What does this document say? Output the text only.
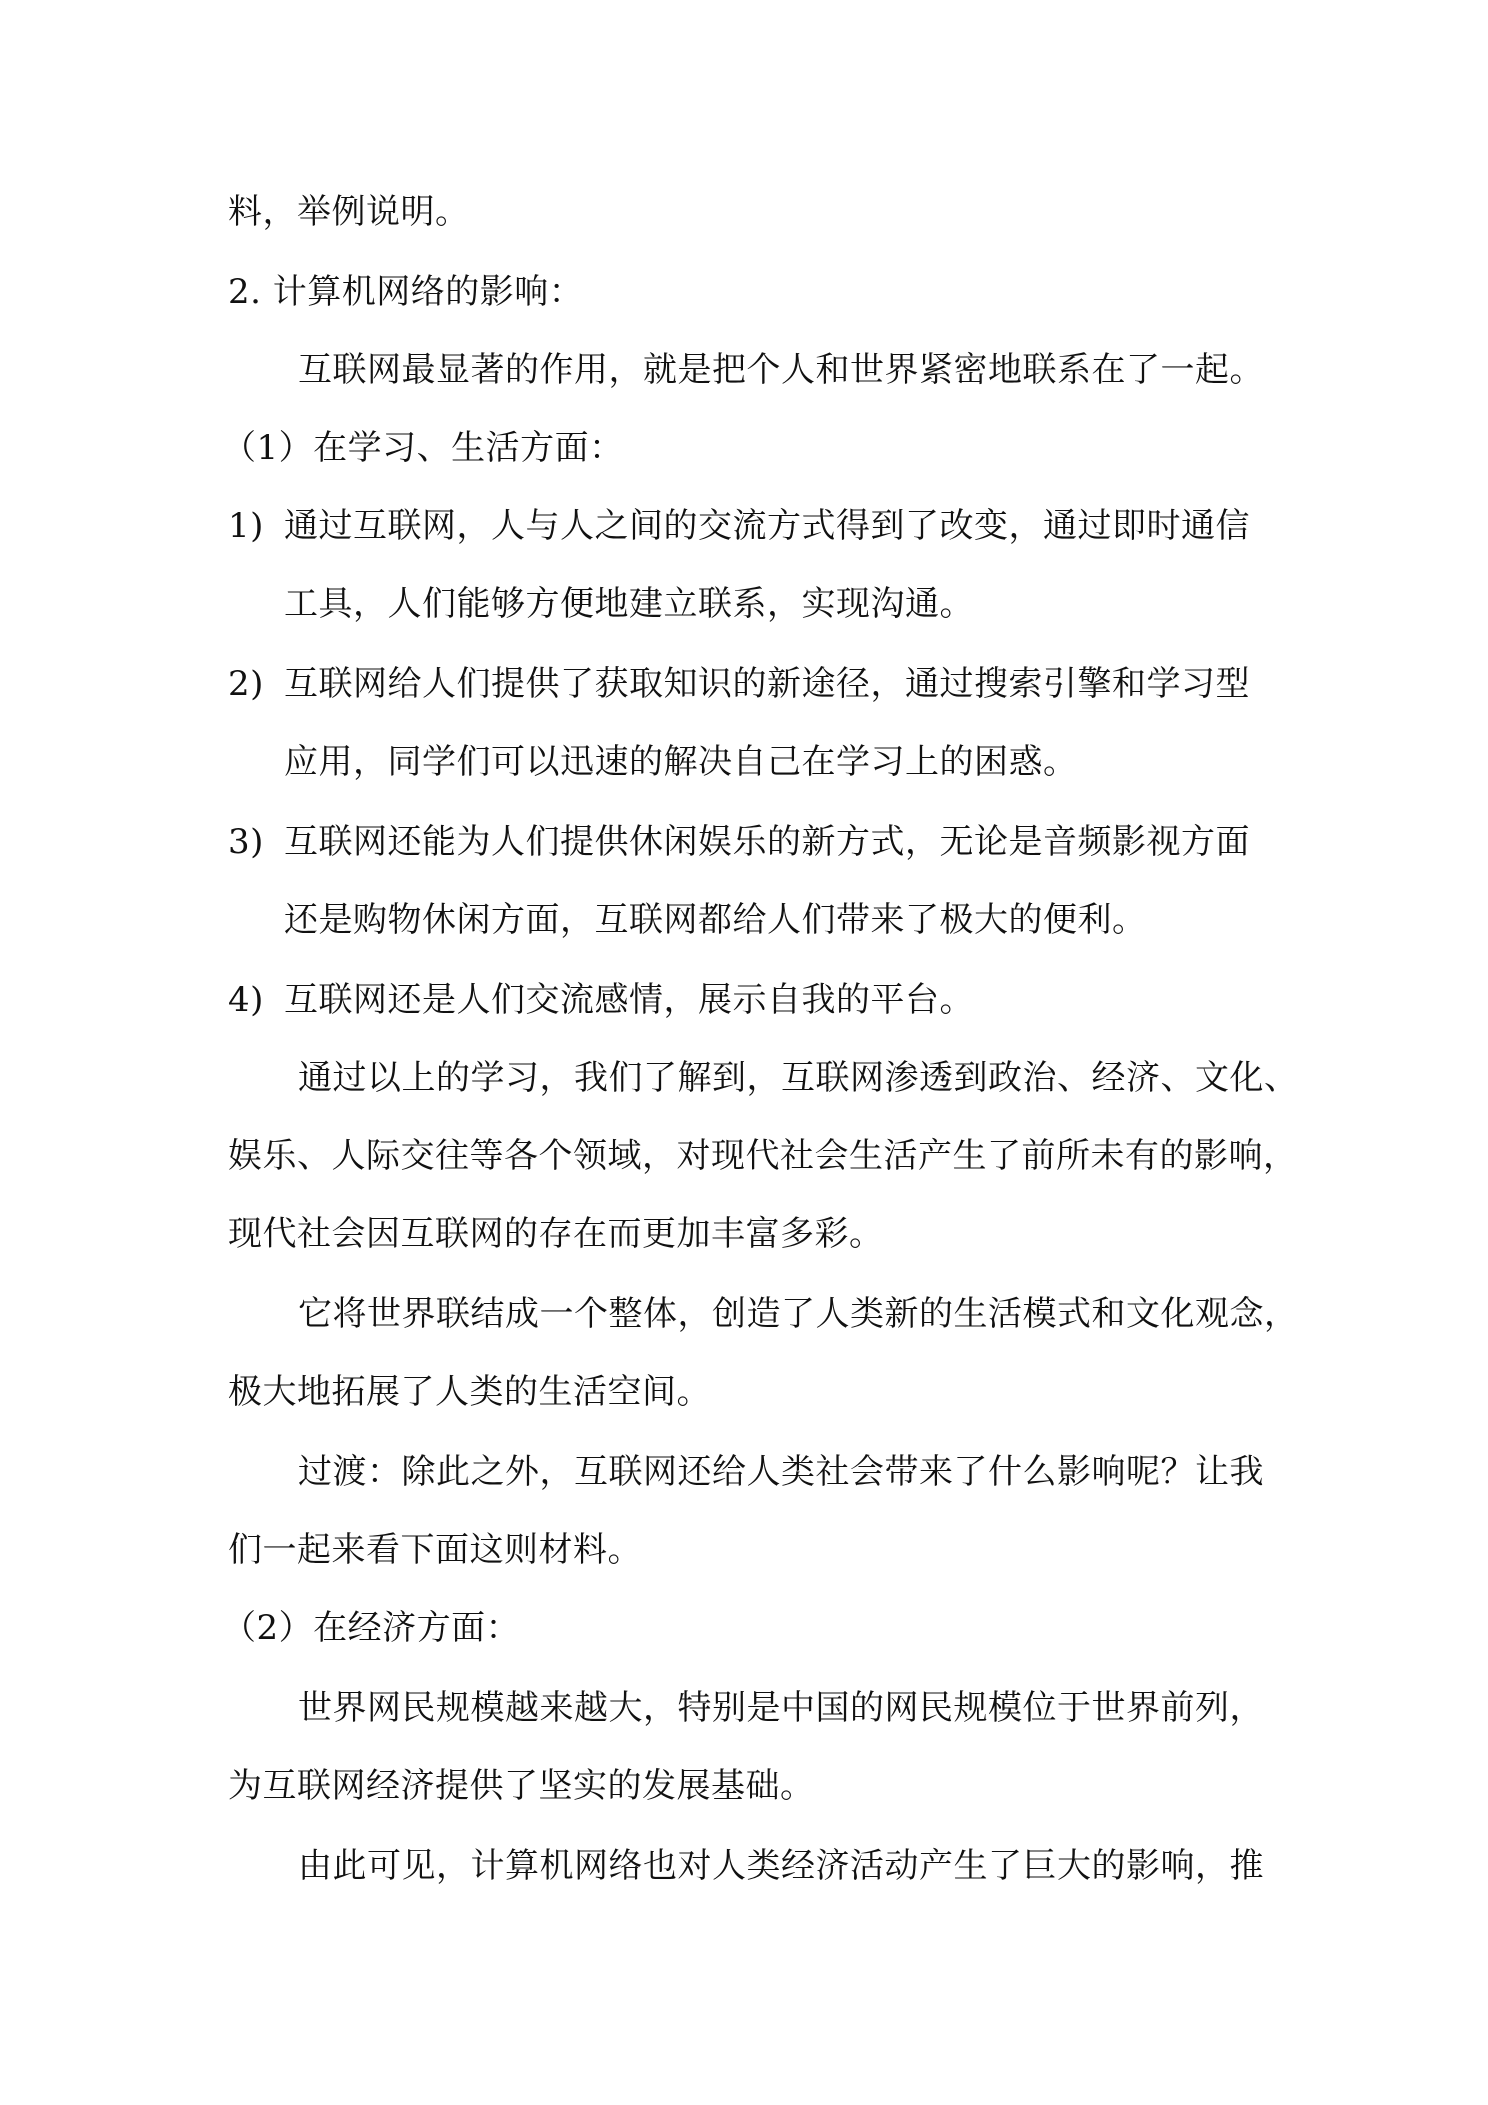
料，举例说明。
2. 计算机网络的影响：
互联网最显著的作用，就是把个人和世界紧密地联系在了一起。
（1）在学习、生活方面：
1) 通过互联网，人与人之间的交流方式得到了改变，通过即时通信
工具，人们能够方便地建立联系，实现沟通。
2) 互联网给人们提供了获取知识的新途径，通过搜索引擎和学习型
应用，同学们可以迅速的解决自己在学习上的困惑。
3) 互联网还能为人们提供休闲娱乐的新方式，无论是音频影视方面
还是购物休闲方面，互联网都给人们带来了极大的便利。
4) 互联网还是人们交流感情，展示自我的平台。
通过以上的学习，我们了解到，互联网渗透到政治、经济、文化、
娱乐、人际交往等各个领域，对现代社会生活产生了前所未有的影响，
现代社会因互联网的存在而更加丰富多彩。
它将世界联结成一个整体，创造了人类新的生活模式和文化观念，
极大地拓展了人类的生活空间。
过渡：除此之外，互联网还给人类社会带来了什么影响呢？让我
们一起来看下面这则材料。
（2）在经济方面：
世界网民规模越来越大，特别是中国的网民规模位于世界前列，
为互联网经济提供了坚实的发展基础。
由此可见，计算机网络也对人类经济活动产生了巨大的影响，推
